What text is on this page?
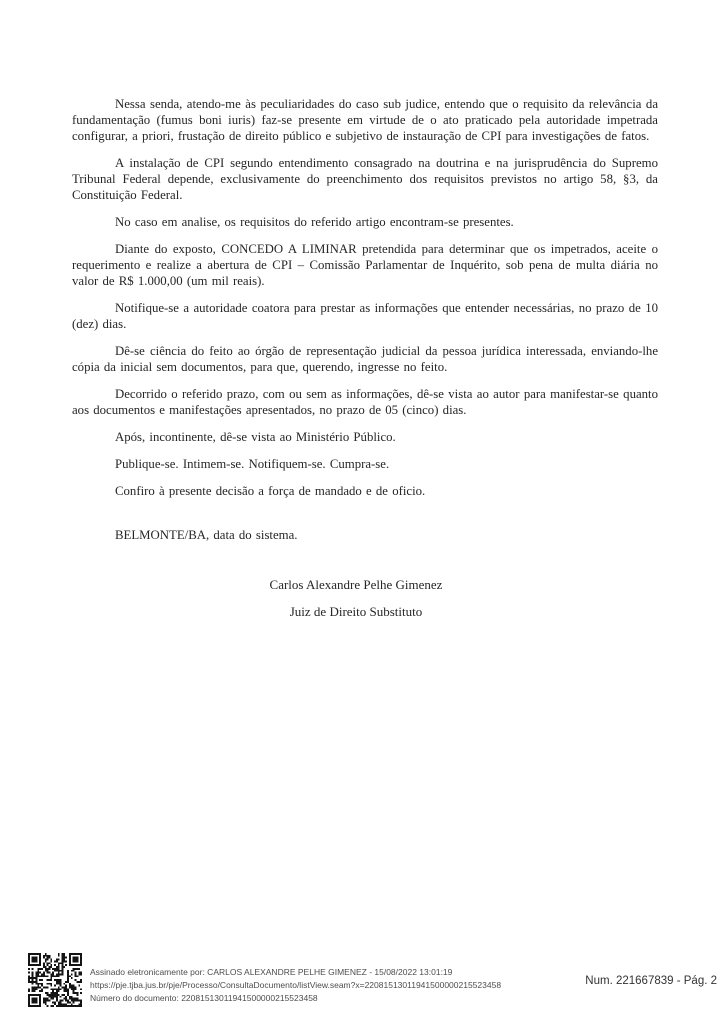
Nessa senda, atendo-me às peculiaridades do caso sub judice, entendo que o requisito da relevância da fundamentação (fumus boni iuris) faz-se presente em virtude de o ato praticado pela autoridade impetrada configurar, a priori, frustação de direito público e subjetivo de instauração de CPI para investigações de fatos.

A instalação de CPI segundo entendimento consagrado na doutrina e na jurisprudência do Supremo Tribunal Federal depende, exclusivamente do preenchimento dos requisitos previstos no artigo 58, §3, da Constituição Federal.

No caso em analise, os requisitos do referido artigo encontram-se presentes.

Diante do exposto, CONCEDO A LIMINAR pretendida para determinar que os impetrados, aceite o requerimento e realize a abertura de CPI – Comissão Parlamentar de Inquérito, sob pena de multa diária no valor de R$ 1.000,00 (um mil reais).

Notifique-se a autoridade coatora para prestar as informações que entender necessárias, no prazo de 10 (dez) dias.

Dê-se ciência do feito ao órgão de representação judicial da pessoa jurídica interessada, enviando-lhe cópia da inicial sem documentos, para que, querendo, ingresse no feito.

Decorrido o referido prazo, com ou sem as informações, dê-se vista ao autor para manifestar-se quanto aos documentos e manifestações apresentados, no prazo de 05 (cinco) dias.

Após, incontinente, dê-se vista ao Ministério Público.

Publique-se. Intimem-se. Notifiquem-se. Cumpra-se.

Confiro à presente decisão a força de mandado e de oficio.

BELMONTE/BA, data do sistema.

Carlos Alexandre Pelhe Gimenez
Juiz de Direito Substituto
Assinado eletronicamente por: CARLOS ALEXANDRE PELHE GIMENEZ - 15/08/2022 13:01:19
https://pje.tjba.jus.br/pje/Processo/ConsultaDocumento/listView.seam?x=22081513011941500000215523458
Número do documento: 22081513011941500000215523458
Num. 221667839 - Pág. 2
